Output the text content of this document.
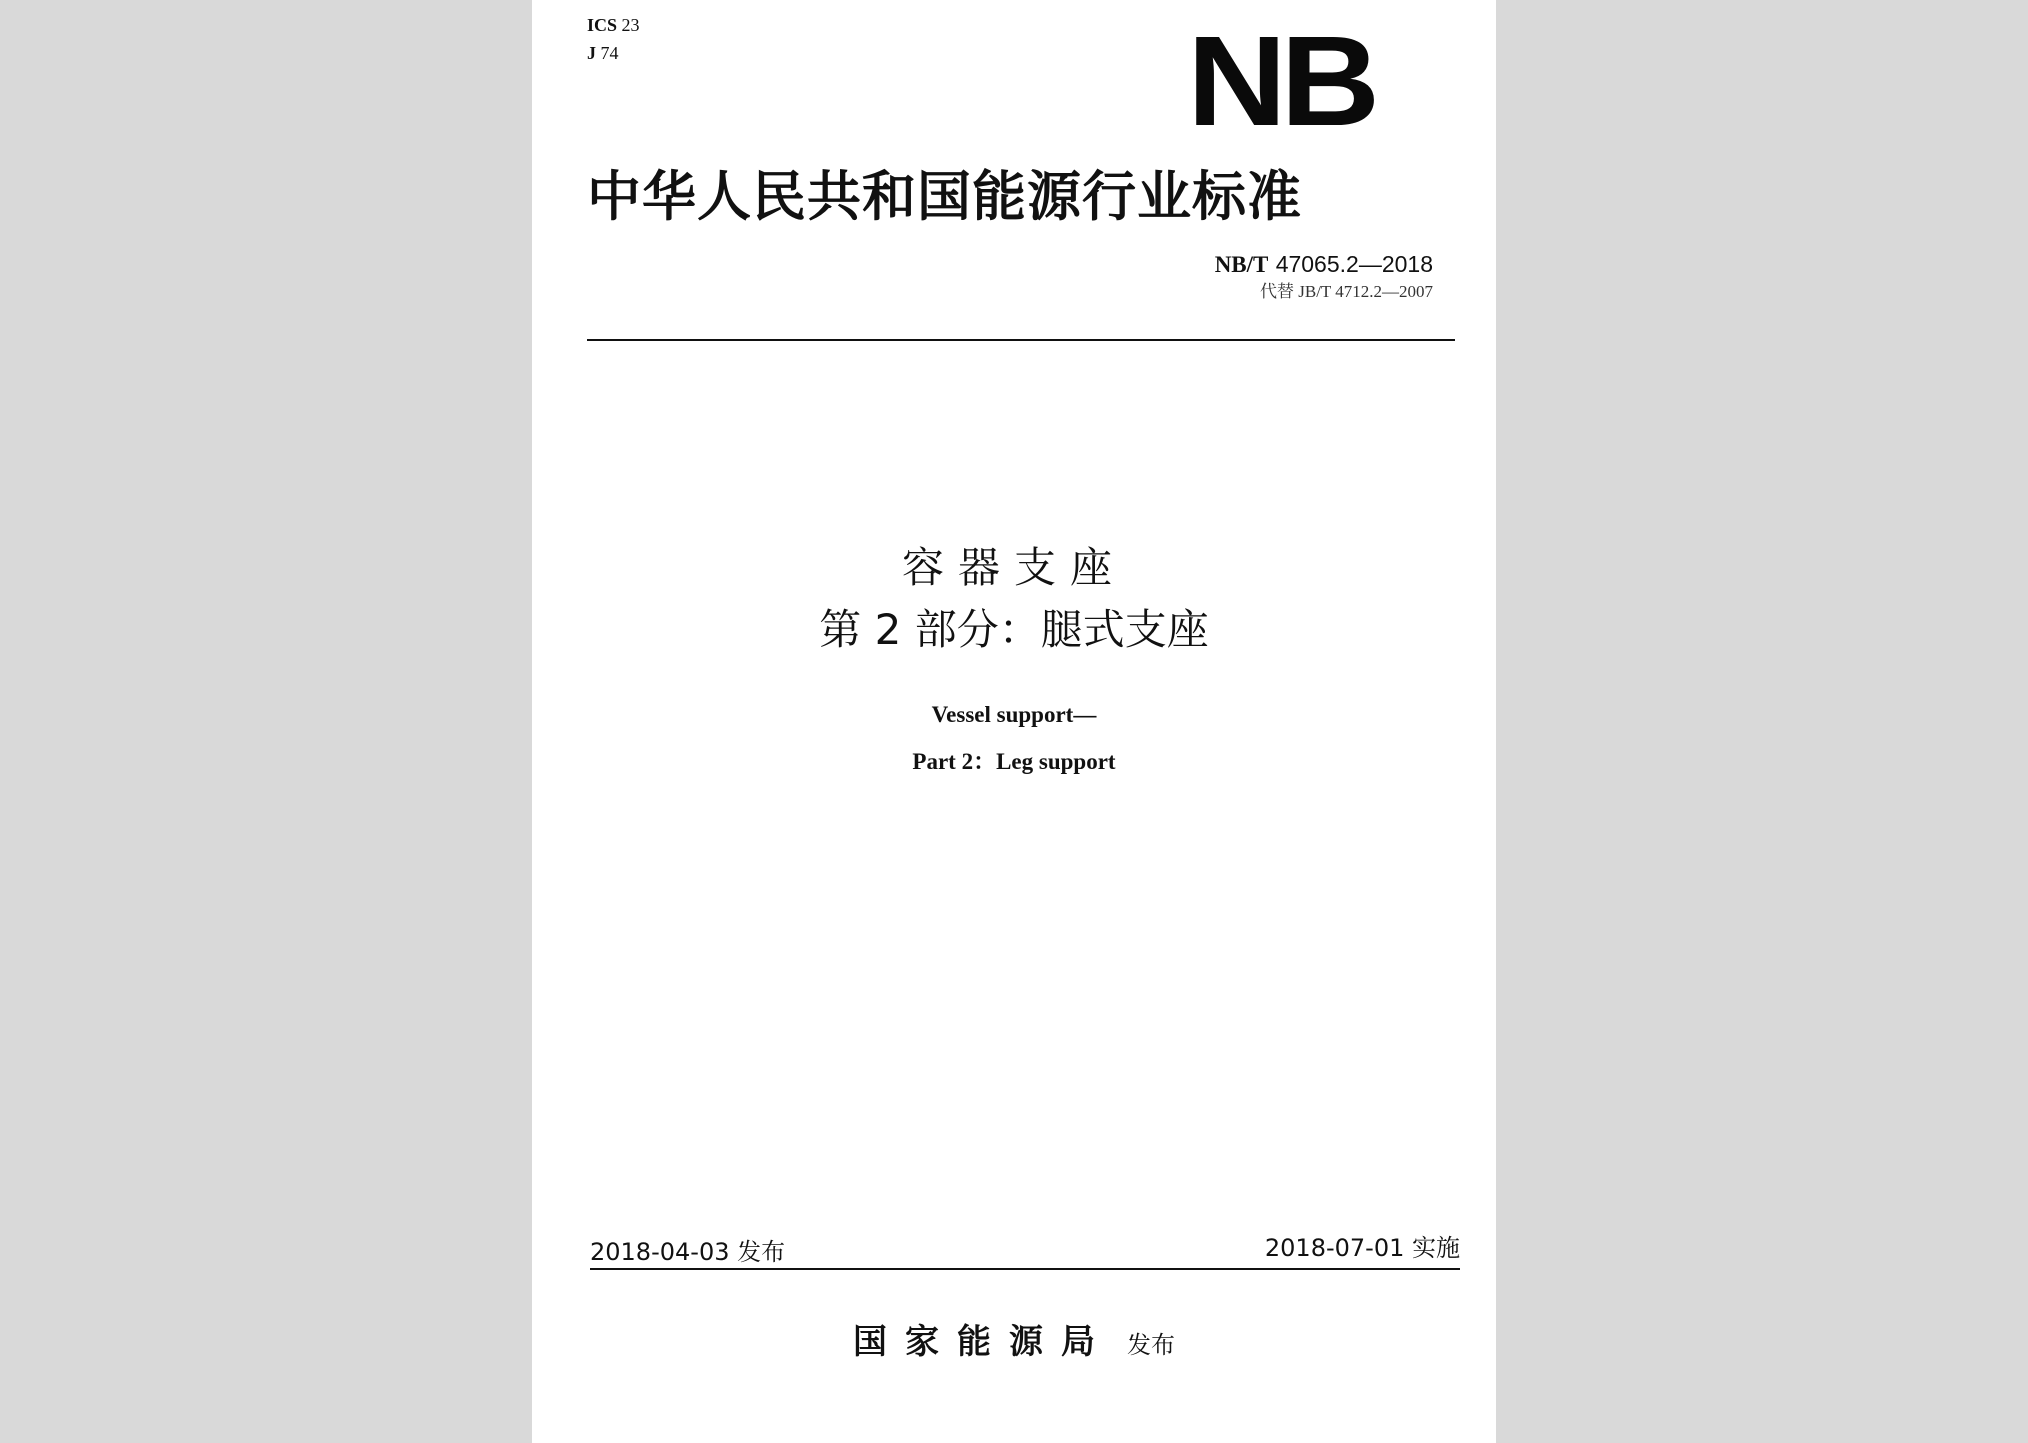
ICS 23
J 74	NB
中华人民共和国能源行业标准
NB/T 47065.2—2018
代替 JB/T 4712.2—2007
容器支座
第 2 部分：腿式支座
Vessel support—
Part 2：Leg support
2018-04-03 发布	2018-07-01 实施
国家能源局 发布
